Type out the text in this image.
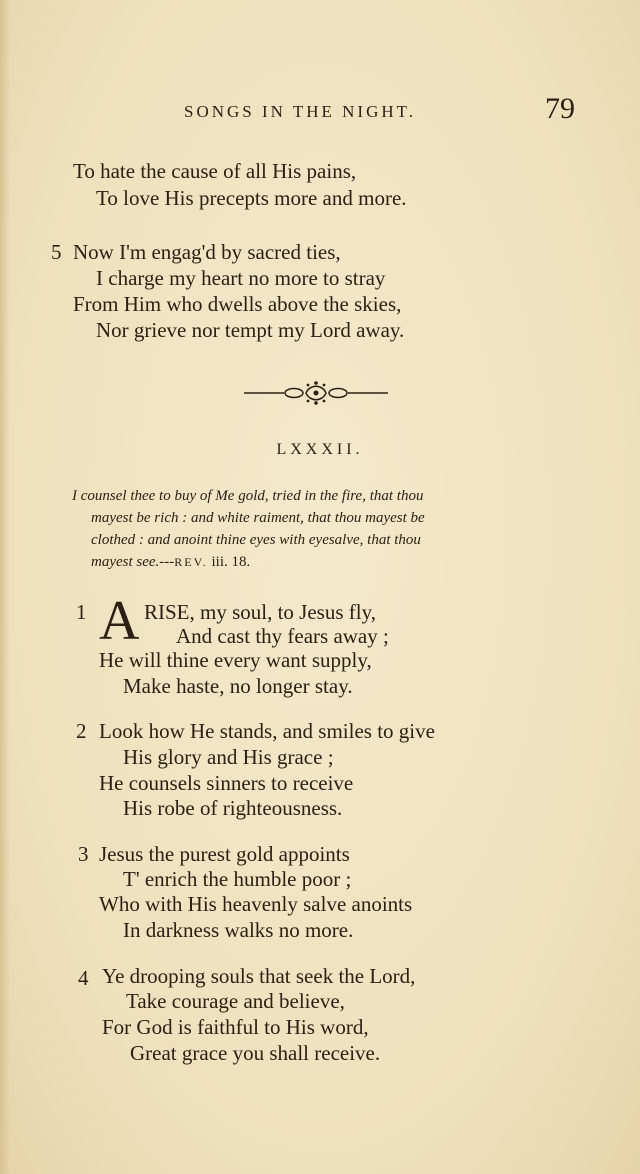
SONGS IN THE NIGHT.	79
To hate the cause of all His pains,
To love His precepts more and more.
5 Now I'm engag'd by sacred ties,
I charge my heart no more to stray
From Him who dwells above the skies,
Nor grieve nor tempt my Lord away.
LXXXII.
I counsel thee to buy of Me gold, tried in the fire, that thou
mayest be rich : and white raiment, that thou mayest be
clothed : and anoint thine eyes with eyesalve, that thou
mayest see.---REV. iii. 18.
1 A RISE, my soul, to Jesus fly,
And cast thy fears away ;
He will thine every want supply,
Make haste, no longer stay.
2 Look how He stands, and smiles to give
His glory and His grace ;
He counsels sinners to receive
His robe of righteousness.
3 Jesus the purest gold appoints
T' enrich the humble poor ;
Who with His heavenly salve anoints
In darkness walks no more.
4 Ye drooping souls that seek the Lord,
Take courage and believe,
For God is faithful to His word,
Great grace you shall receive.
